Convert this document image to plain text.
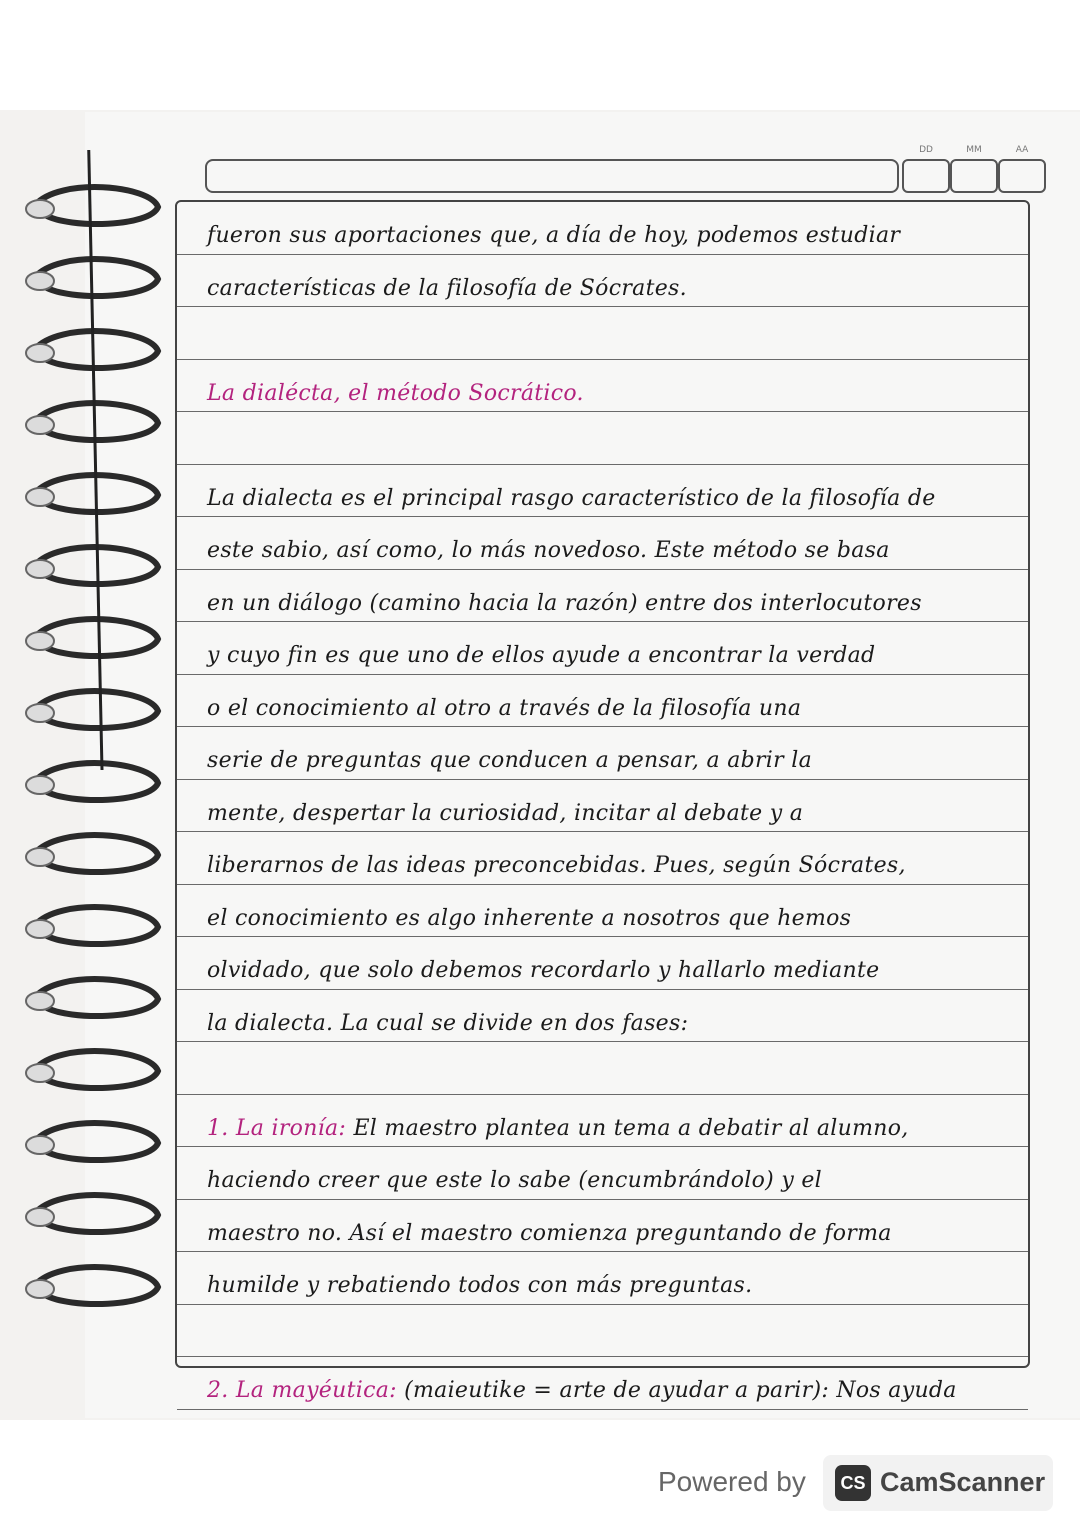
DD	MM	AA
fueron sus aportaciones que, a día de hoy, podemos estudiar
características de la filosofía de Sócrates.
La dialécta, el método Socrático.
La dialecta es el principal rasgo característico de la filosofía de
este sabio, así como, lo más novedoso. Este método se basa
en un diálogo (camino hacia la razón) entre dos interlocutores
y cuyo fin es que uno de ellos ayude a encontrar la verdad
o el conocimiento al otro a través de la filosofía una
serie de preguntas que conducen a pensar, a abrir la
mente, despertar la curiosidad, incitar al debate y a
liberarnos de las ideas preconcebidas. Pues, según Sócrates,
el conocimiento es algo inherente a nosotros que hemos
olvidado, que solo debemos recordarlo y hallarlo mediante
la dialecta. La cual se divide en dos fases:
1. La ironía: El maestro plantea un tema a debatir al alumno,
haciendo creer que este lo sabe (encumbrándolo) y el
maestro no. Así el maestro comienza preguntando de forma
humilde y rebatiendo todos con más preguntas.
2. La mayéutica: (maieutike = arte de ayudar a parir): Nos ayuda
Powered by	CS CamScanner
